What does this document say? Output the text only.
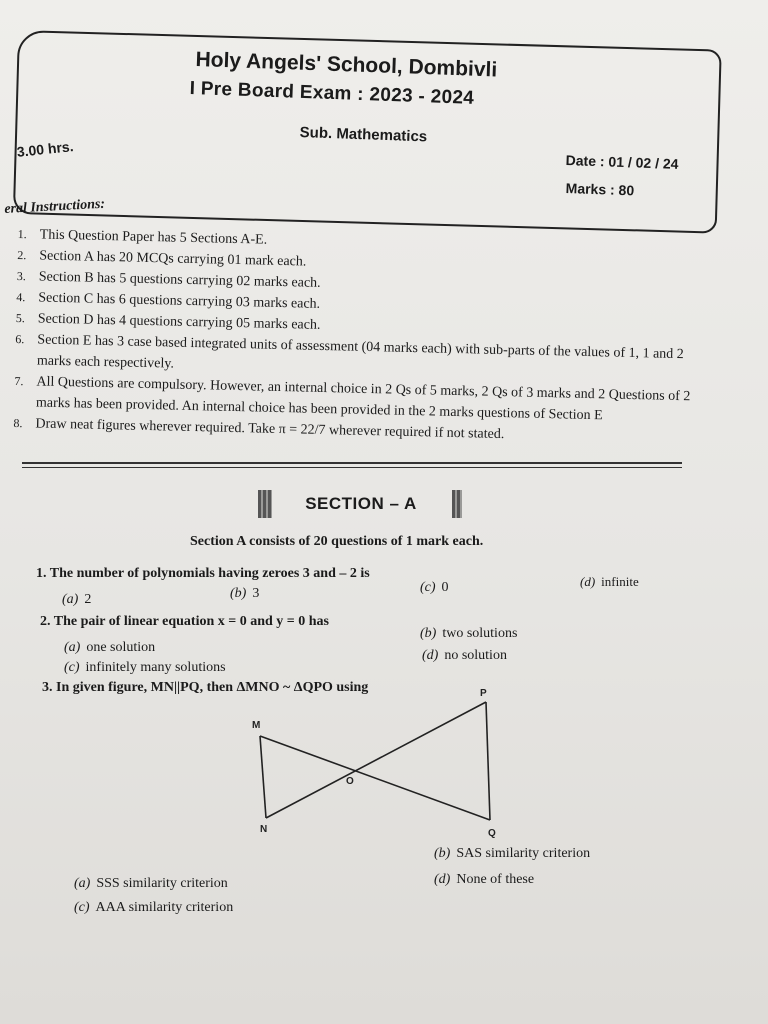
Holy Angels' School, Dombivli
I Pre Board Exam : 2023 - 2024
Sub. Mathematics
3.00 hrs.
Date : 01 / 02 / 24
Marks : 80
eral Instructions:
1. This Question Paper has 5 Sections A-E.
2. Section A has 20 MCQs carrying 01 mark each.
3. Section B has 5 questions carrying 02 marks each.
4. Section C has 6 questions carrying 03 marks each.
5. Section D has 4 questions carrying 05 marks each.
6. Section E has 3 case based integrated units of assessment (04 marks each) with sub-parts of the values of 1, 1 and 2 marks each respectively.
7. All Questions are compulsory. However, an internal choice in 2 Qs of 5 marks, 2 Qs of 3 marks and 2 Questions of 2 marks has been provided. An internal choice has been provided in the 2 marks questions of Section E
8. Draw neat figures wherever required. Take π = 22/7 wherever required if not stated.
SECTION – A
Section A consists of 20 questions of 1 mark each.
1. The number of polynomials having zeroes 3 and – 2 is
(a) 2	(b) 3	(c) 0	(d) infinite
2. The pair of linear equation x = 0 and y = 0 has
(a) one solution
(b) two solutions
(c) infinitely many solutions
(d) no solution
3. In given figure, MN||PQ, then ΔMNO ~ ΔQPO using
M
N
O
P
Q
(a) SSS similarity criterion
(b) SAS similarity criterion
(c) AAA similarity criterion
(d) None of these
